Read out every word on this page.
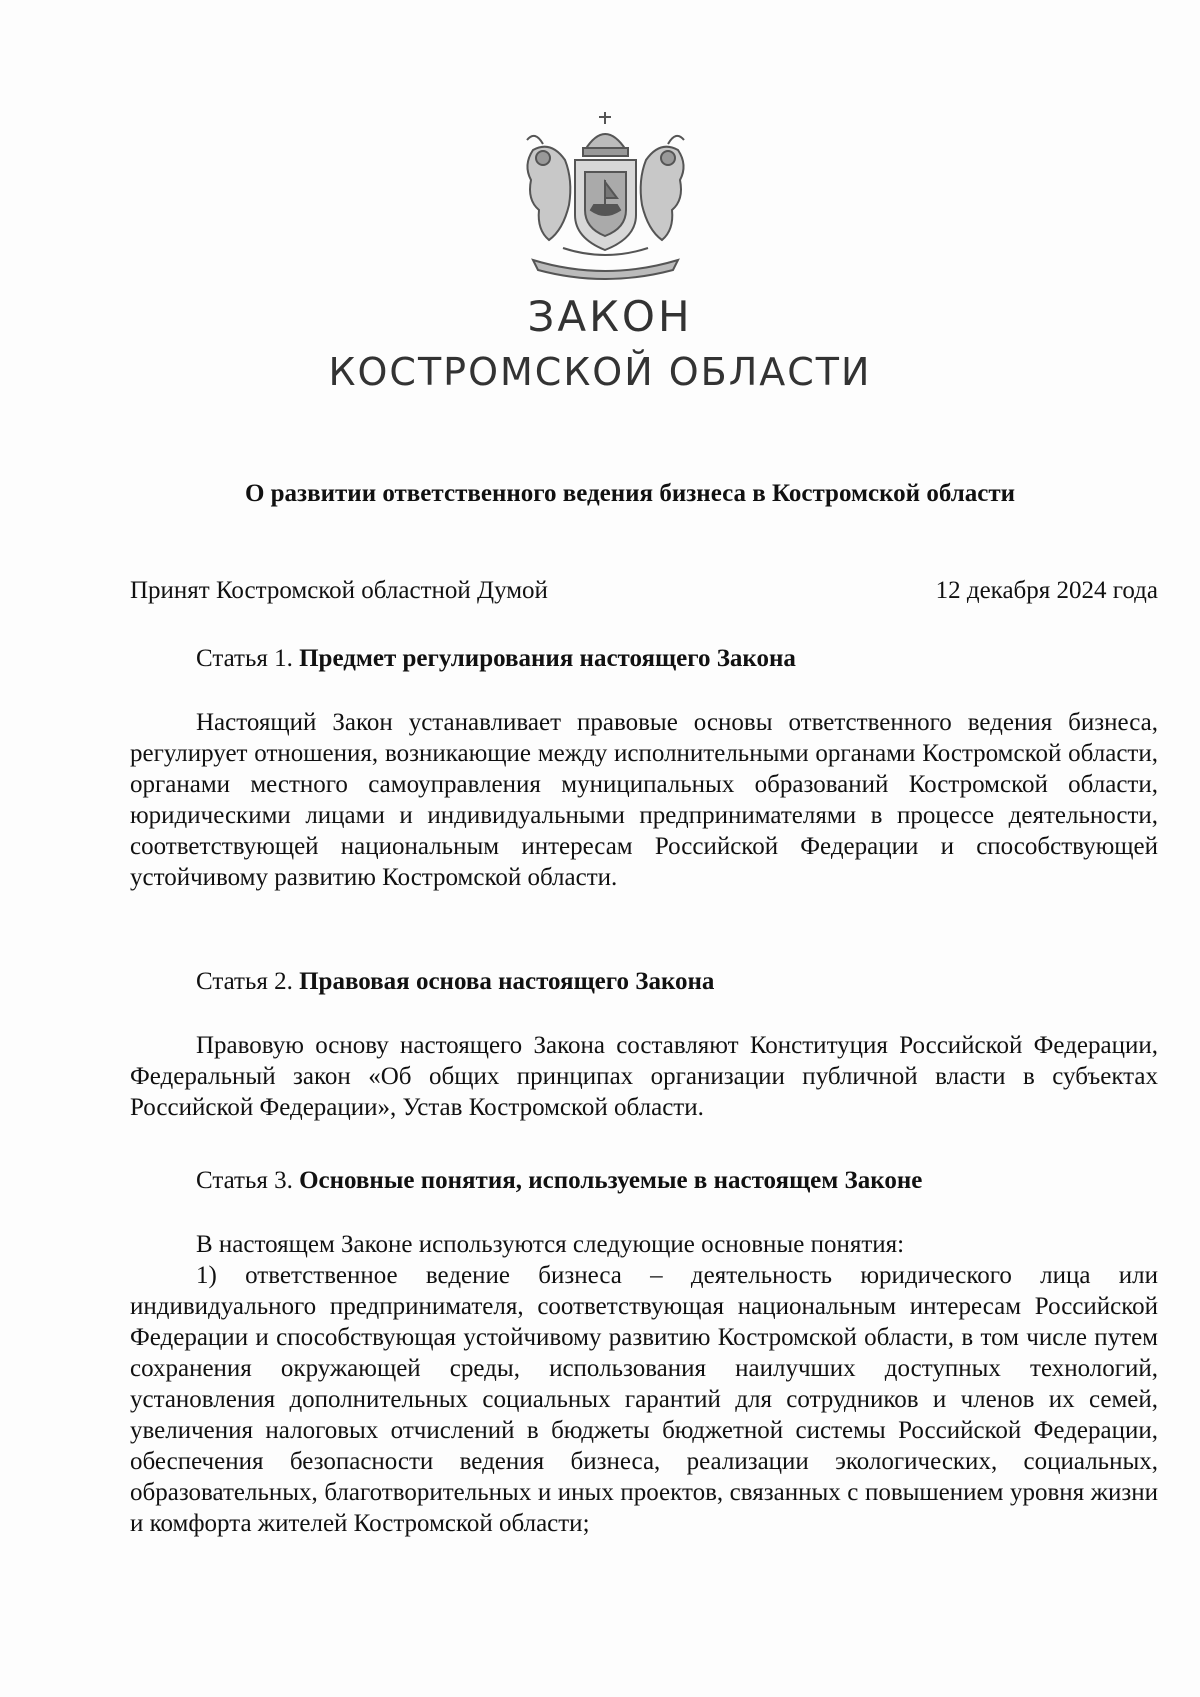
ЗАКОН
КОСТРОМСКОЙ ОБЛАСТИ
О развитии ответственного ведения бизнеса в Костромской области
Принят Костромской областной Думой	12 декабря 2024 года
Статья 1. Предмет регулирования настоящего Закона

Настоящий Закон устанавливает правовые основы ответственного ведения бизнеса, регулирует отношения, возникающие между исполнительными органами Костромской области, органами местного самоуправления муниципальных образований Костромской области, юридическими лицами и индивидуальными предпринимателями в процессе деятельности, соответствующей национальным интересам Российской Федерации и способствующей устойчивому развитию Костромской области.

Статья 2. Правовая основа настоящего Закона

Правовую основу настоящего Закона составляют Конституция Российской Федерации, Федеральный закон «Об общих принципах организации публичной власти в субъектах Российской Федерации», Устав Костромской области.

Статья 3. Основные понятия, используемые в настоящем Законе

В настоящем Законе используются следующие основные понятия:

1) ответственное ведение бизнеса – деятельность юридического лица или индивидуального предпринимателя, соответствующая национальным интересам Российской Федерации и способствующая устойчивому развитию Костромской области, в том числе путем сохранения окружающей среды, использования наилучших доступных технологий, установления дополнительных социальных гарантий для сотрудников и членов их семей, увеличения налоговых отчислений в бюджеты бюджетной системы Российской Федерации, обеспечения безопасности ведения бизнеса, реализации экологических, социальных, образовательных, благотворительных и иных проектов, связанных с повышением уровня жизни и комфорта жителей Костромской области;
